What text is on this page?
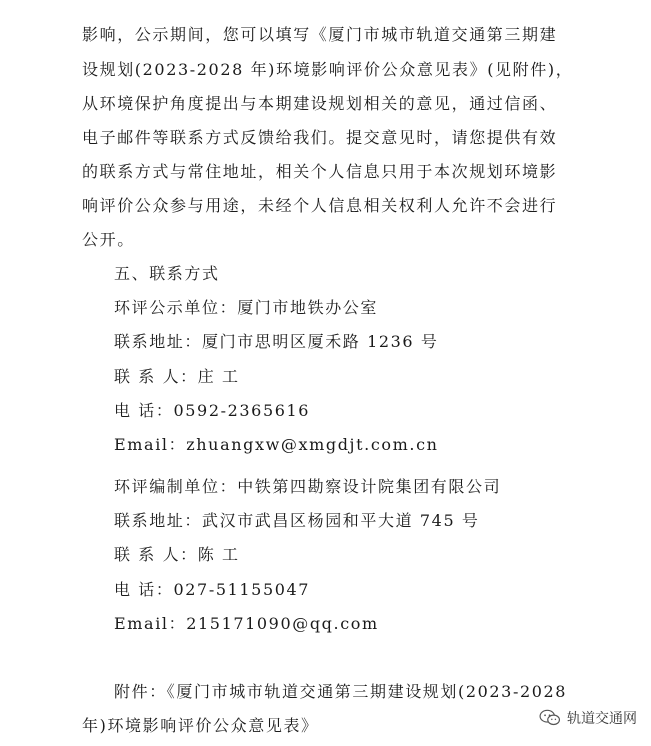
影响，公示期间，您可以填写《厦门市城市轨道交通第三期建
设规划(2023-2028 年)环境影响评价公众意见表》(见附件)，
从环境保护角度提出与本期建设规划相关的意见，通过信函、
电子邮件等联系方式反馈给我们。提交意见时，请您提供有效
的联系方式与常住地址，相关个人信息只用于本次规划环境影
响评价公众参与用途，未经个人信息相关权利人允许不会进行
公开。
五、联系方式
环评公示单位：厦门市地铁办公室
联系地址：厦门市思明区厦禾路 1236 号
联 系 人：庄 工
电 话：0592-2365616
Email：zhuangxw@xmgdjt.com.cn
环评编制单位：中铁第四勘察设计院集团有限公司
联系地址：武汉市武昌区杨园和平大道 745 号
联 系 人：陈 工
电 话：027-51155047
Email：215171090@qq.com
附件：《厦门市城市轨道交通第三期建设规划(2023-2028
年)环境影响评价公众意见表》	轨道交通网
